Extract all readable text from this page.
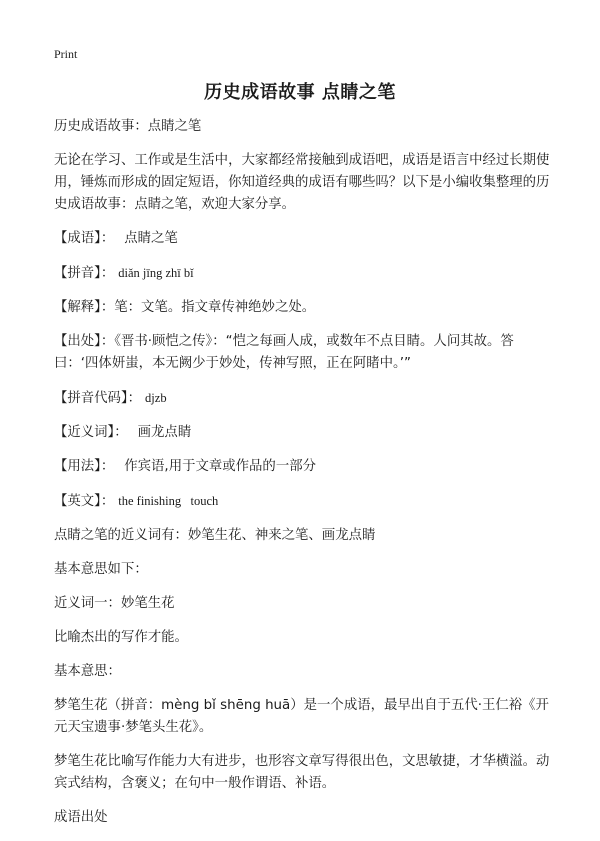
Print
历史成语故事 点睛之笔

历史成语故事：点睛之笔

无论在学习、工作或是生活中，大家都经常接触到成语吧，成语是语言中经过长期使用，锤炼而形成的固定短语，你知道经典的成语有哪些吗？以下是小编收集整理的历史成语故事：点睛之笔，欢迎大家分享。

【成语】： 点睛之笔

【拼音】： diǎn jīng zhī bǐ

【解释】：笔：文笔。指文章传神绝妙之处。

【出处】：《晋书·顾恺之传》：“恺之每画人成，或数年不点目睛。人问其故。答曰：‘四体妍蚩，本无阙少于妙处，传神写照，正在阿睹中。’”

【拼音代码】： djzb

【近义词】： 画龙点睛

【用法】： 作宾语,用于文章或作品的一部分

【英文】： the finishing   touch

点睛之笔的近义词有：妙笔生花、神来之笔、画龙点睛

基本意思如下：

近义词一：妙笔生花

比喻杰出的写作才能。

基本意思：

梦笔生花（拼音：mèng bǐ shēng huā）是一个成语，最早出自于五代·王仁裕《开元天宝遗事·梦笔头生花》。

梦笔生花比喻写作能力大有进步，也形容文章写得很出色，文思敏捷，才华横溢。动宾式结构，含褒义；在句中一般作谓语、补语。

成语出处
